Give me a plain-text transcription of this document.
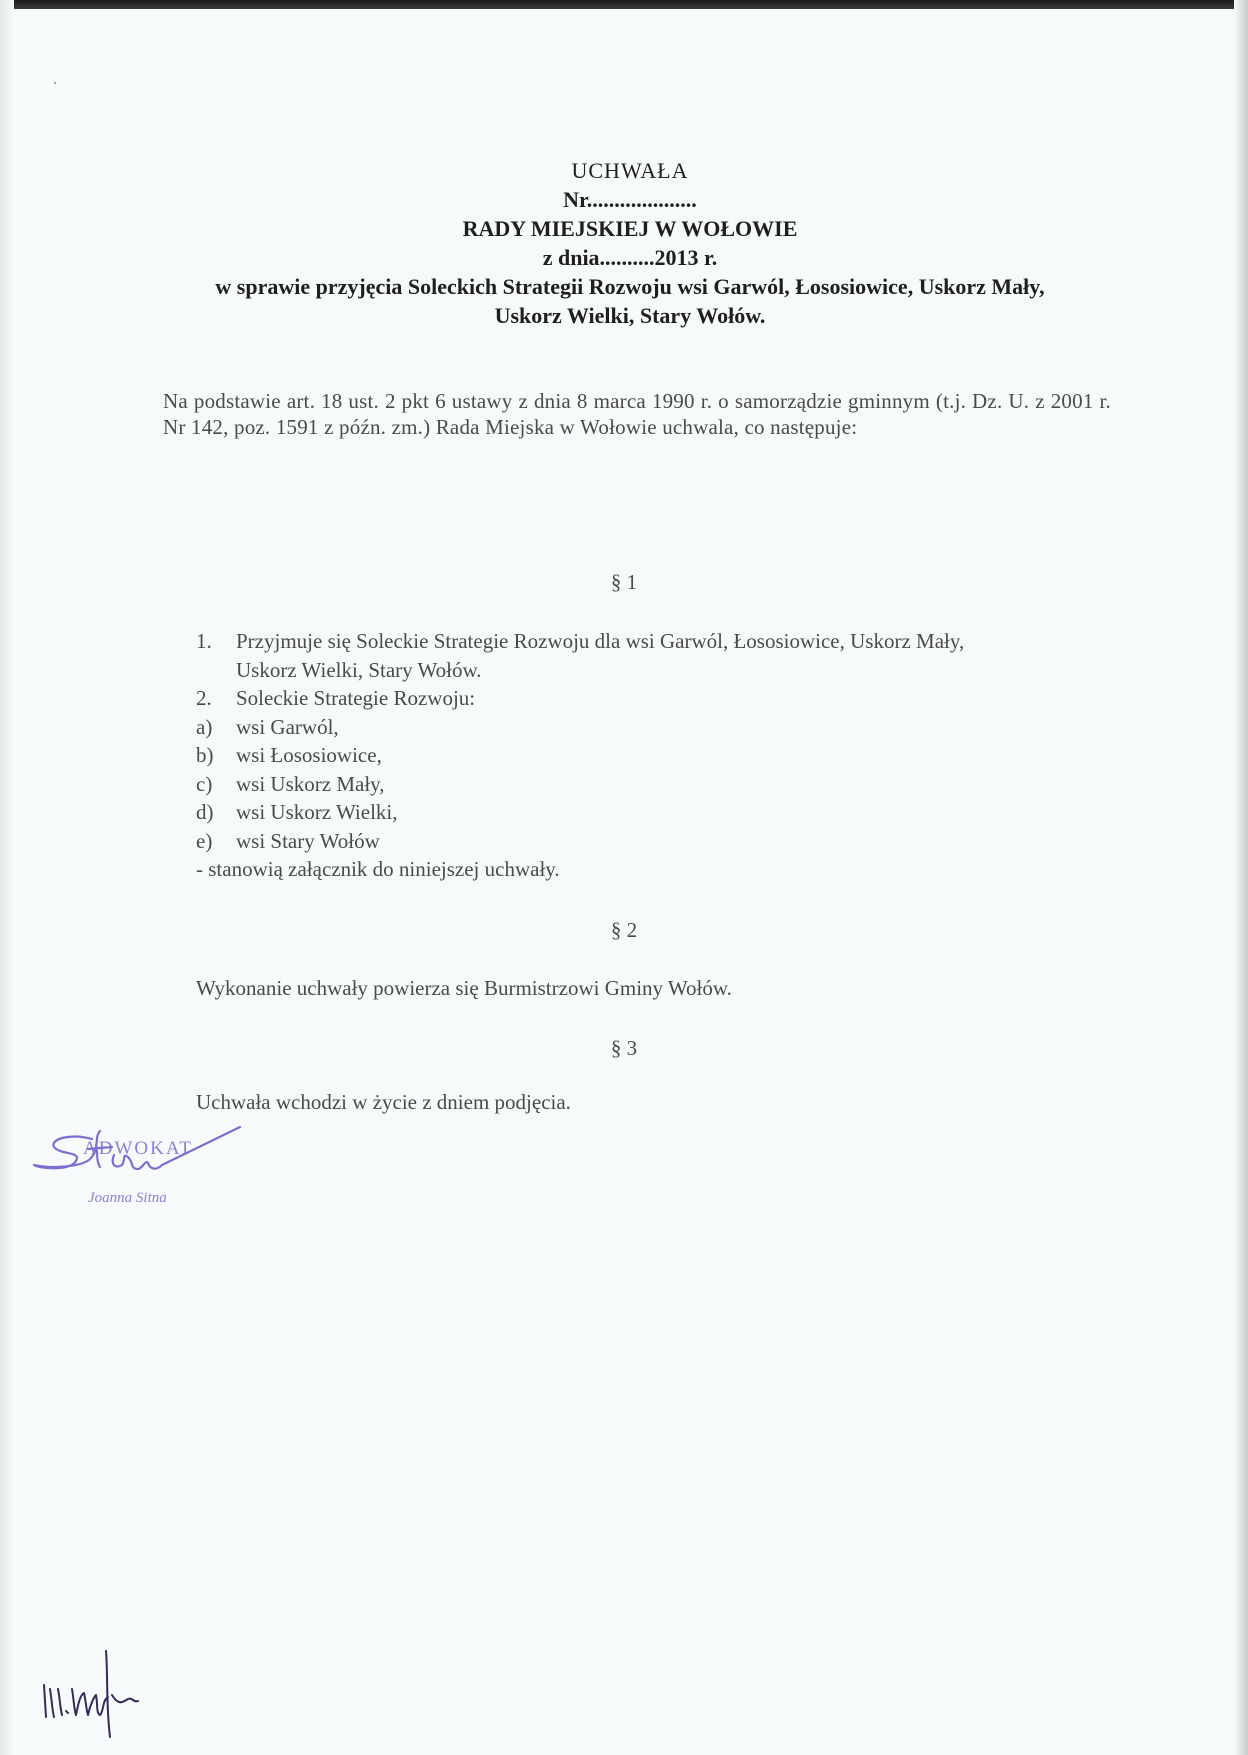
UCHWAŁA
Nr....................
RADY MIEJSKIEJ W WOŁOWIE
z dnia..........2013 r.
w sprawie przyjęcia Soleckich Strategii Rozwoju wsi Garwól, Łososiowice, Uskorz Mały,
Uskorz Wielki, Stary Wołów.
Na podstawie art. 18 ust. 2 pkt 6 ustawy z dnia 8 marca 1990 r. o samorządzie gminnym (t.j. Dz. U. z 2001 r. Nr 142, poz. 1591 z późn. zm.) Rada Miejska w Wołowie uchwala, co następuje:
§ 1
1.	Przyjmuje się Soleckie Strategie Rozwoju dla wsi Garwól, Łososiowice, Uskorz Mały,
Uskorz Wielki, Stary Wołów.
2.	Soleckie Strategie Rozwoju:
a)	wsi Garwól,
b)	wsi Łososiowice,
c)	wsi Uskorz Mały,
d)	wsi Uskorz Wielki,
e)	wsi Stary Wołów
- stanowią załącznik do niniejszej uchwały.
§ 2
Wykonanie uchwały powierza się Burmistrzowi Gminy Wołów.
§ 3
Uchwała wchodzi w życie z dniem podjęcia.
ADWOKAT
Joanna Sitna
